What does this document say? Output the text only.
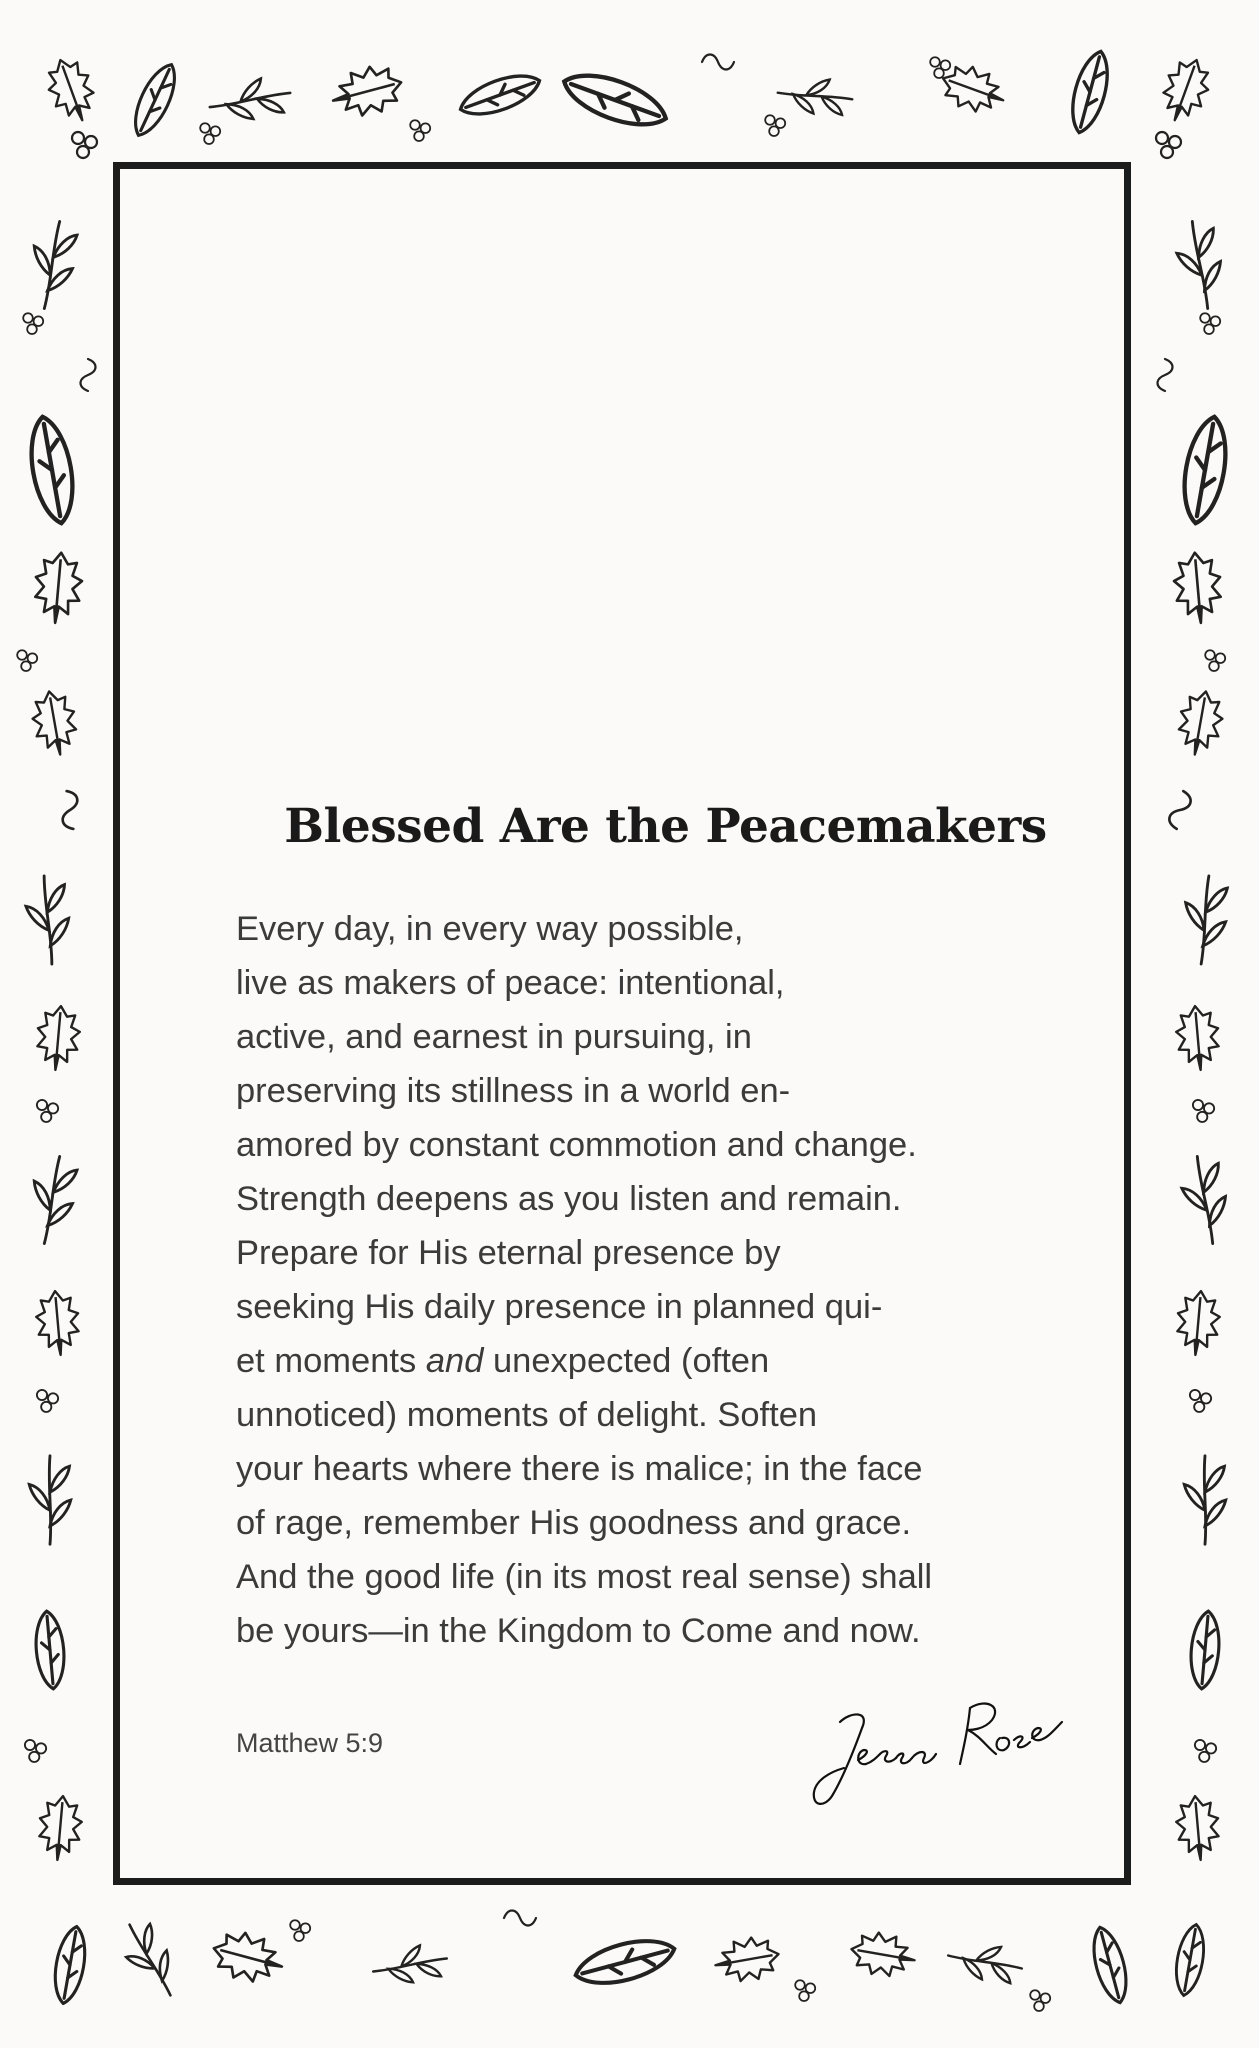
Blessed Are the Peacemakers
Every day, in every way possible,
live as makers of peace: intentional,
active, and earnest in pursuing, in
preserving its stillness in a world en-
amored by constant commotion and change.
Strength deepens as you listen and remain.
Prepare for His eternal presence by
seeking His daily presence in planned qui-
et moments and unexpected (often
unnoticed) moments of delight. Soften
your hearts where there is malice; in the face
of rage, remember His goodness and grace.
And the good life (in its most real sense) shall
be yours—in the Kingdom to Come and now.
Matthew 5:9
